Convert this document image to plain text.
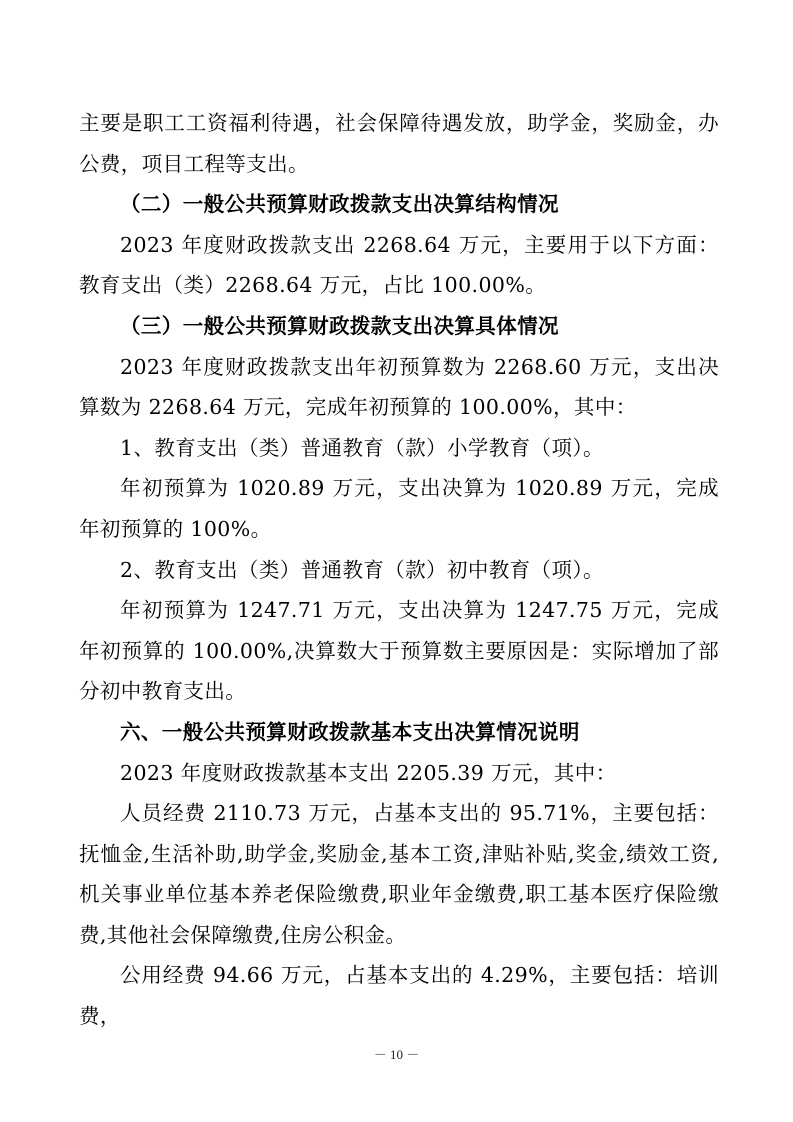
主要是职工工资福利待遇，社会保障待遇发放，助学金，奖励金，办公费，项目工程等支出。

（二）一般公共预算财政拨款支出决算结构情况

2023 年度财政拨款支出 2268.64 万元，主要用于以下方面：教育支出（类）2268.64 万元，占比 100.00%。

（三）一般公共预算财政拨款支出决算具体情况

2023 年度财政拨款支出年初预算数为 2268.60 万元，支出决算数为 2268.64 万元，完成年初预算的 100.00%，其中：

1、教育支出（类）普通教育（款）小学教育（项）。

年初预算为 1020.89 万元，支出决算为 1020.89 万元，完成年初预算的 100%。

2、教育支出（类）普通教育（款）初中教育（项）。

年初预算为 1247.71 万元，支出决算为 1247.75 万元，完成年初预算的 100.00%,决算数大于预算数主要原因是：实际增加了部分初中教育支出。

六、一般公共预算财政拨款基本支出决算情况说明

2023 年度财政拨款基本支出 2205.39 万元，其中：

人员经费 2110.73 万元，占基本支出的 95.71%，主要包括：抚恤金,生活补助,助学金,奖励金,基本工资,津贴补贴,奖金,绩效工资,机关事业单位基本养老保险缴费,职业年金缴费,职工基本医疗保险缴费,其他社会保障缴费,住房公积金。

公用经费 94.66 万元，占基本支出的 4.29%，主要包括：培训费，

－ 10 －
